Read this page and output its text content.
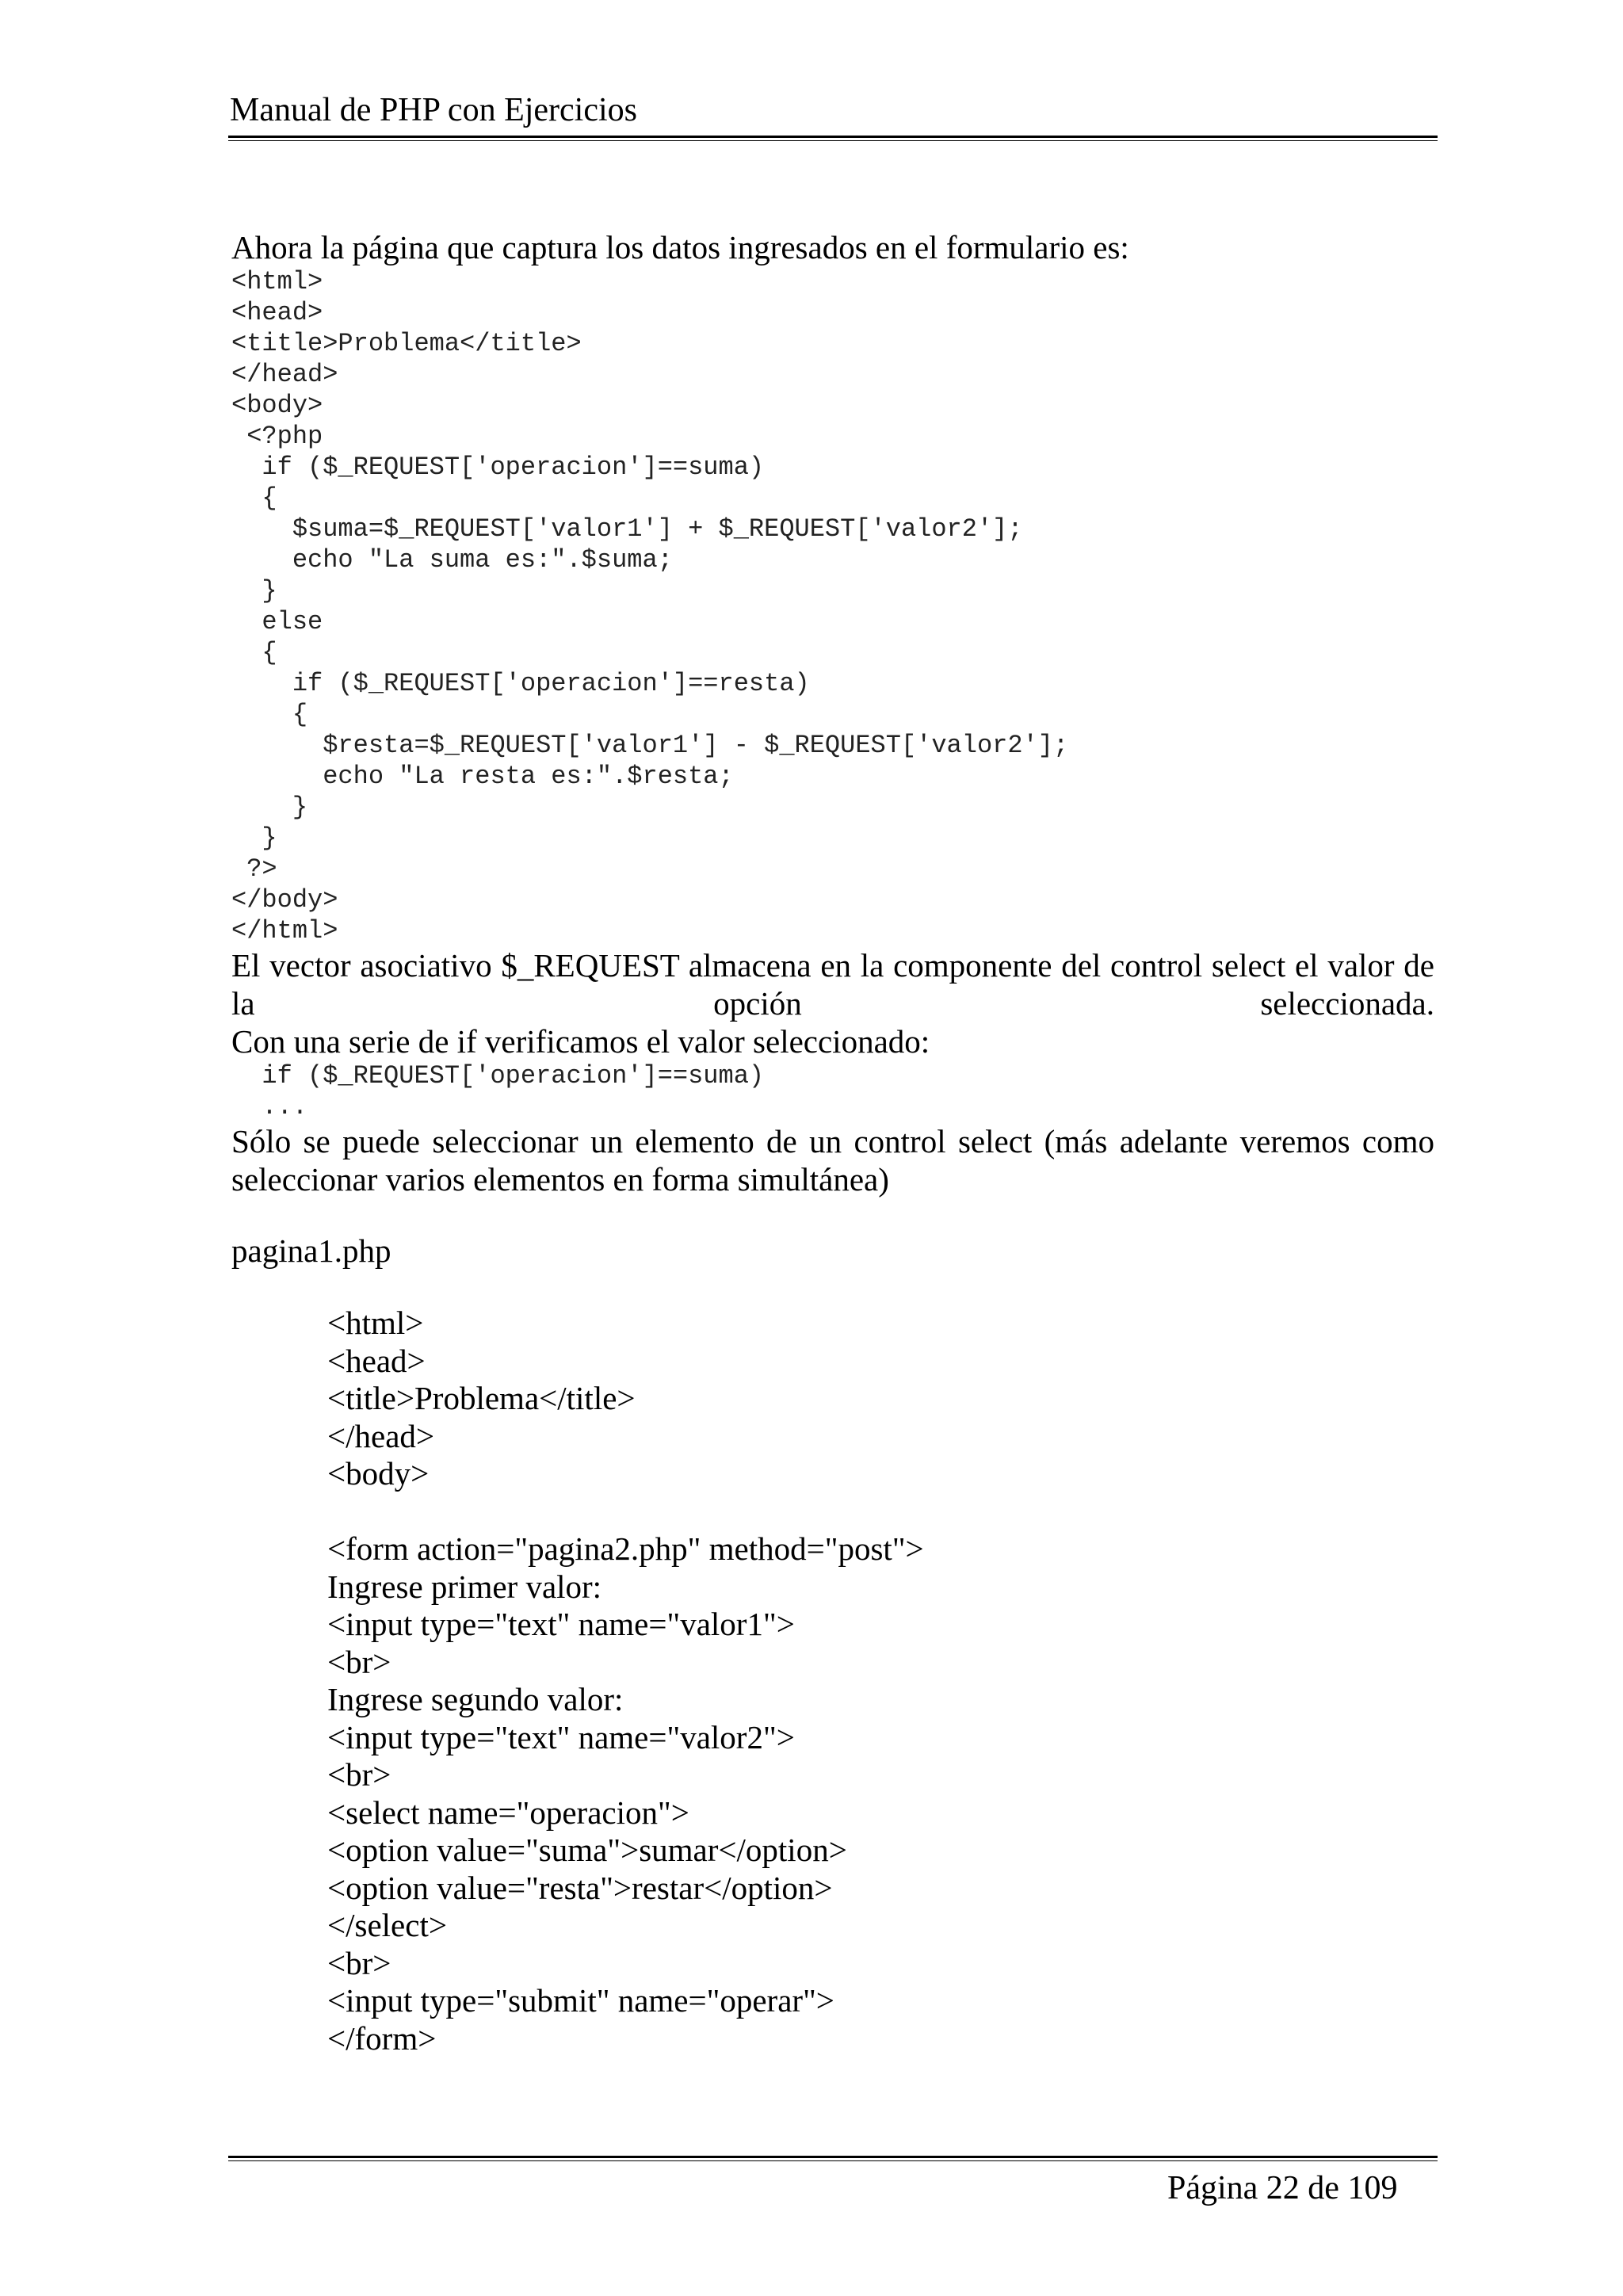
Manual de PHP con Ejercicios

Ahora la página que captura los datos ingresados en el formulario es:

<html>
<head>
<title>Problema</title>
</head>
<body>
<?php
if ($_REQUEST['operacion']==suma)
{
$suma=$_REQUEST['valor1'] + $_REQUEST['valor2'];
echo "La suma es:".$suma;
}
else
{
if ($_REQUEST['operacion']==resta)
{
$resta=$_REQUEST['valor1'] - $_REQUEST['valor2'];
echo "La resta es:".$resta;
}
}
?>
</body>
</html>

El vector asociativo $_REQUEST almacena en la componente del control select el valor de la opción seleccionada.

Con una serie de if verificamos el valor seleccionado:

if ($_REQUEST['operacion']==suma)
...

Sólo se puede seleccionar un elemento de un control select (más adelante veremos como seleccionar varios elementos en forma simultánea)

pagina1.php

<html>
<head>
<title>Problema</title>
</head>
<body>
<form action="pagina2.php" method="post">
Ingrese primer valor:
<input type="text" name="valor1">
<br>
Ingrese segundo valor:
<input type="text" name="valor2">
<br>
<select name="operacion">
<option value="suma">sumar</option>
<option value="resta">restar</option>
</select>
<br>
<input type="submit" name="operar">
</form>
Página 22 de 109
